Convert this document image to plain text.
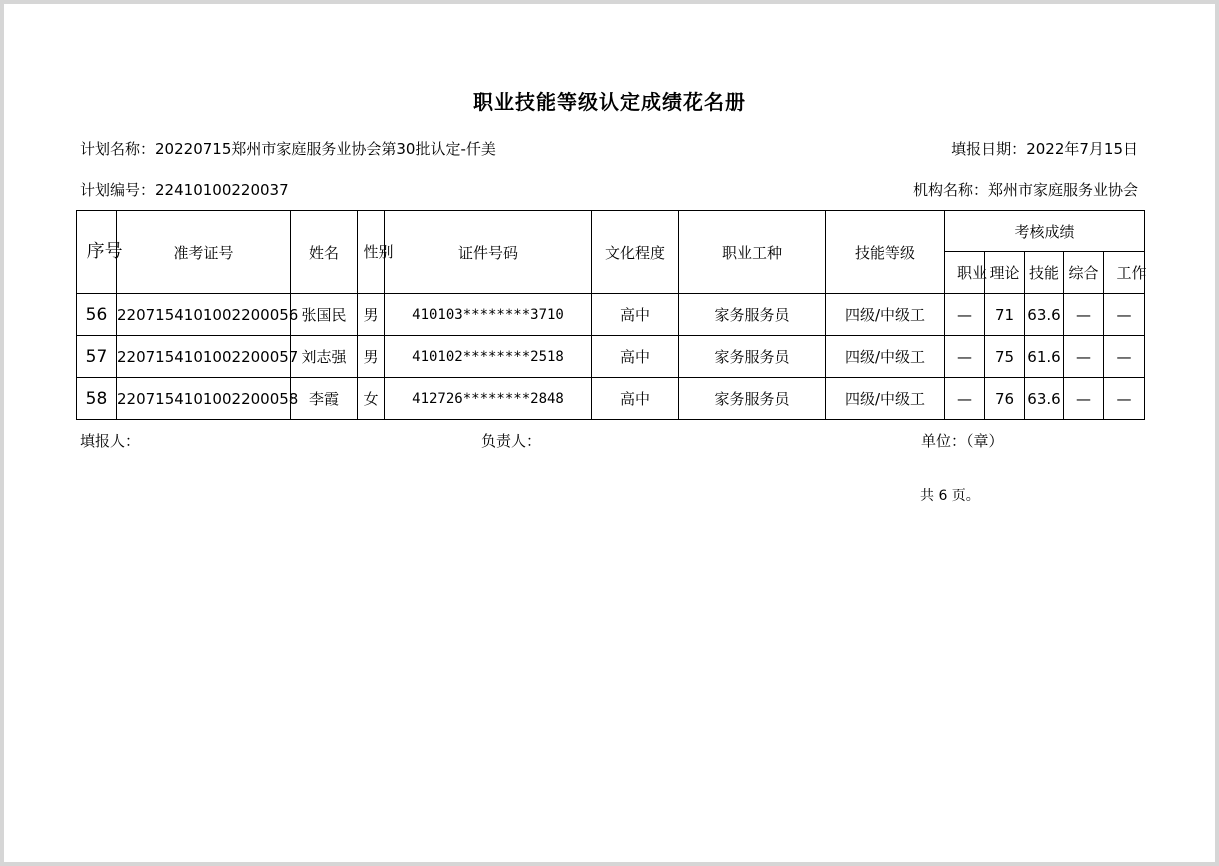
职业技能等级认定成绩花名册
计划名称：20220715郑州市家庭服务业协会第30批认定-仟美	填报日期：2022年7月15日
计划编号：22410100220037	机构名称：郑州市家庭服务业协会
序号	准考证号	姓名	性别	证件号码	文化程度	职业工种	技能等级	考核成绩				

								职业	理论	技能	综合	工作

56	2207154101002200056	张国民	男	410103********3710	高中	家务服务员	四级/中级工	—	71	63.6	—	—
57	2207154101002200057	刘志强	男	410102********2518	高中	家务服务员	四级/中级工	—	75	61.6	—	—
58	2207154101002200058	李霞	女	412726********2848	高中	家务服务员	四级/中级工	—	76	63.6	—	—
填报人：	负责人：	单位：（章）
共 6 页。
